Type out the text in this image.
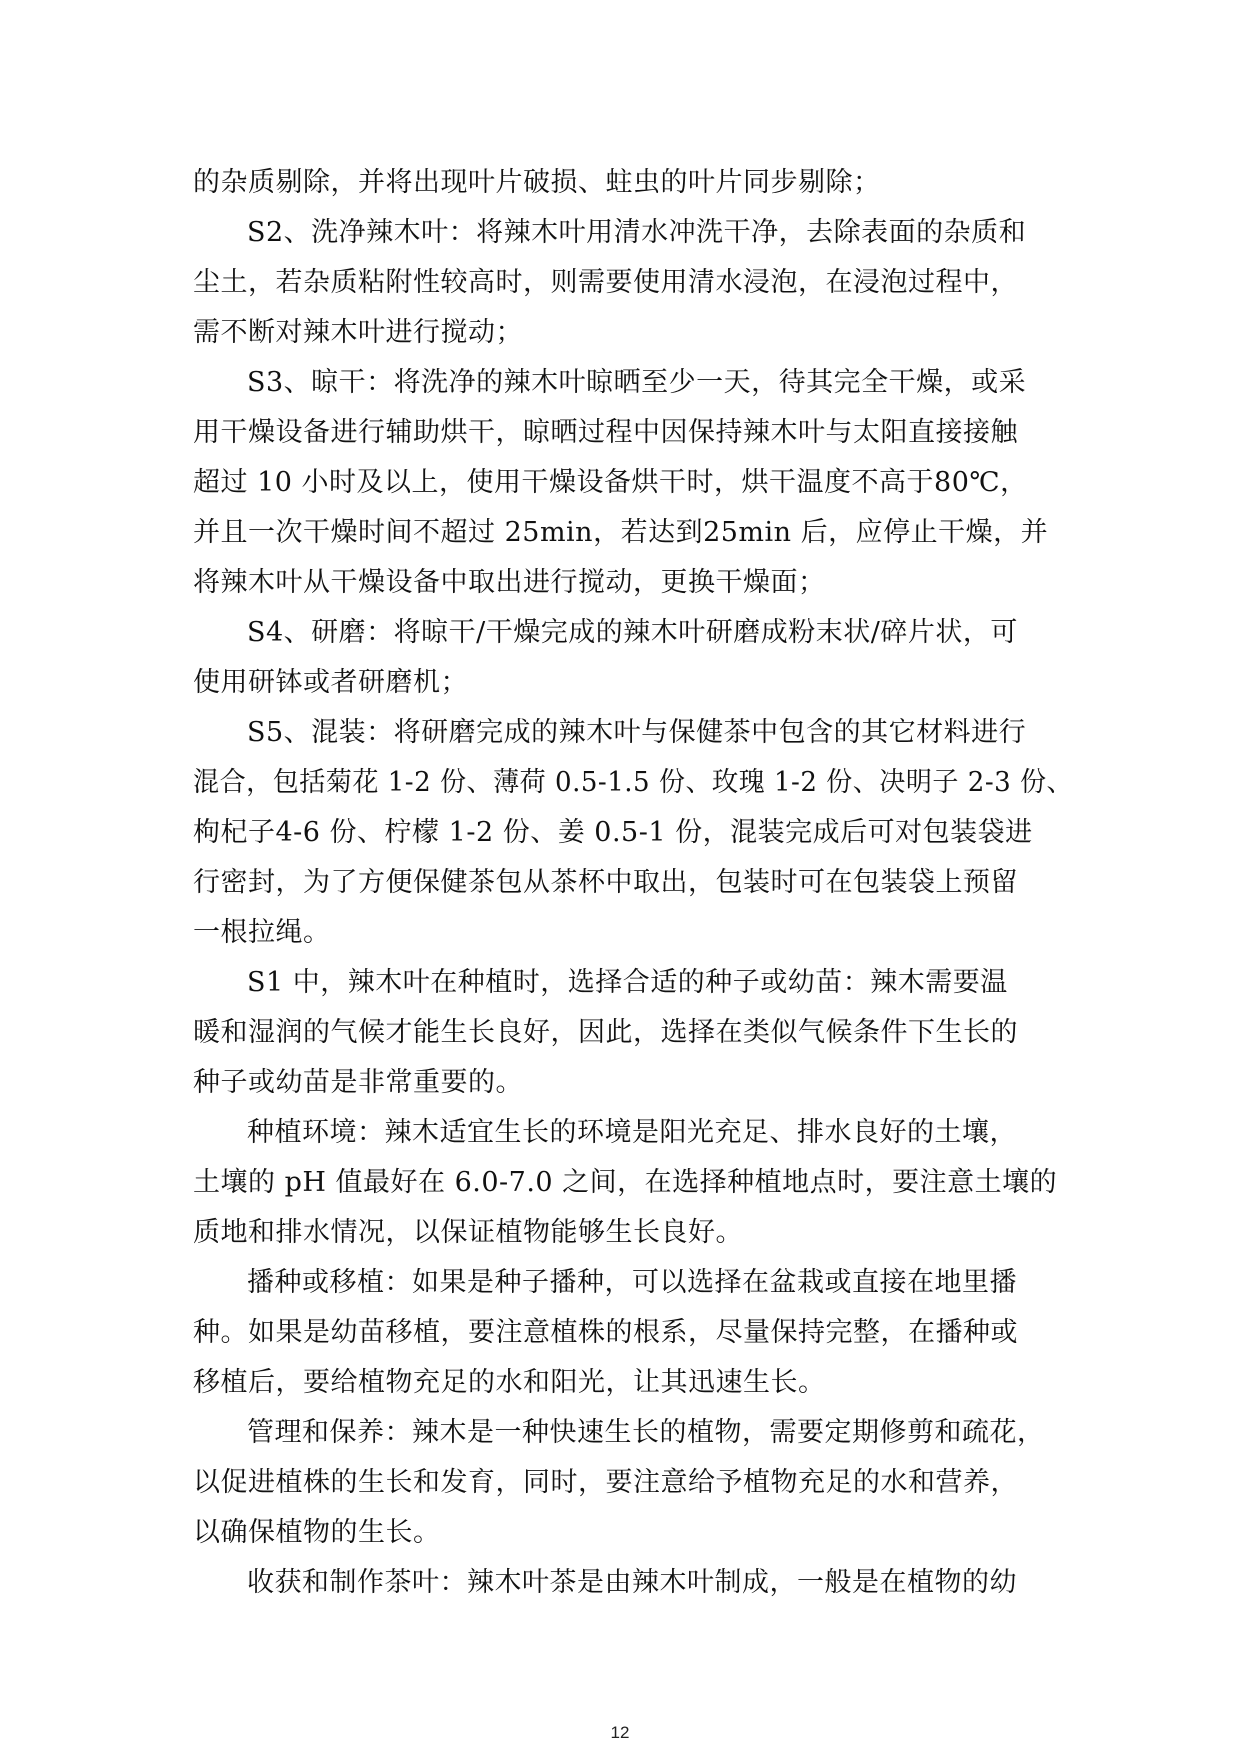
的杂质剔除，并将出现叶片破损、蛀虫的叶片同步剔除；
S2、洗净辣木叶：将辣木叶用清水冲洗干净，去除表面的杂质和
尘土，若杂质粘附性较高时，则需要使用清水浸泡，在浸泡过程中，
需不断对辣木叶进行搅动；
S3、晾干：将洗净的辣木叶晾晒至少一天，待其完全干燥，或采
用干燥设备进行辅助烘干，晾晒过程中因保持辣木叶与太阳直接接触
超过 10 小时及以上，使用干燥设备烘干时，烘干温度不高于80℃，
并且一次干燥时间不超过 25min，若达到25min 后，应停止干燥，并
将辣木叶从干燥设备中取出进行搅动，更换干燥面；
S4、研磨：将晾干/干燥完成的辣木叶研磨成粉末状/碎片状，可
使用研钵或者研磨机；
S5、混装：将研磨完成的辣木叶与保健茶中包含的其它材料进行
混合，包括菊花 1-2 份、薄荷 0.5-1.5 份、玫瑰 1-2 份、决明子 2-3 份、
枸杞子4-6 份、柠檬 1-2 份、姜 0.5-1 份，混装完成后可对包装袋进
行密封，为了方便保健茶包从茶杯中取出，包装时可在包装袋上预留
一根拉绳。
S1 中，辣木叶在种植时，选择合适的种子或幼苗：辣木需要温
暖和湿润的气候才能生长良好，因此，选择在类似气候条件下生长的
种子或幼苗是非常重要的。
种植环境：辣木适宜生长的环境是阳光充足、排水良好的土壤，
土壤的 pH 值最好在 6.0-7.0 之间，在选择种植地点时，要注意土壤的
质地和排水情况，以保证植物能够生长良好。
播种或移植：如果是种子播种，可以选择在盆栽或直接在地里播
种。如果是幼苗移植，要注意植株的根系，尽量保持完整，在播种或
移植后，要给植物充足的水和阳光，让其迅速生长。
管理和保养：辣木是一种快速生长的植物，需要定期修剪和疏花，
以促进植株的生长和发育，同时，要注意给予植物充足的水和营养，
以确保植物的生长。
收获和制作茶叶：辣木叶茶是由辣木叶制成，一般是在植物的幼
12
